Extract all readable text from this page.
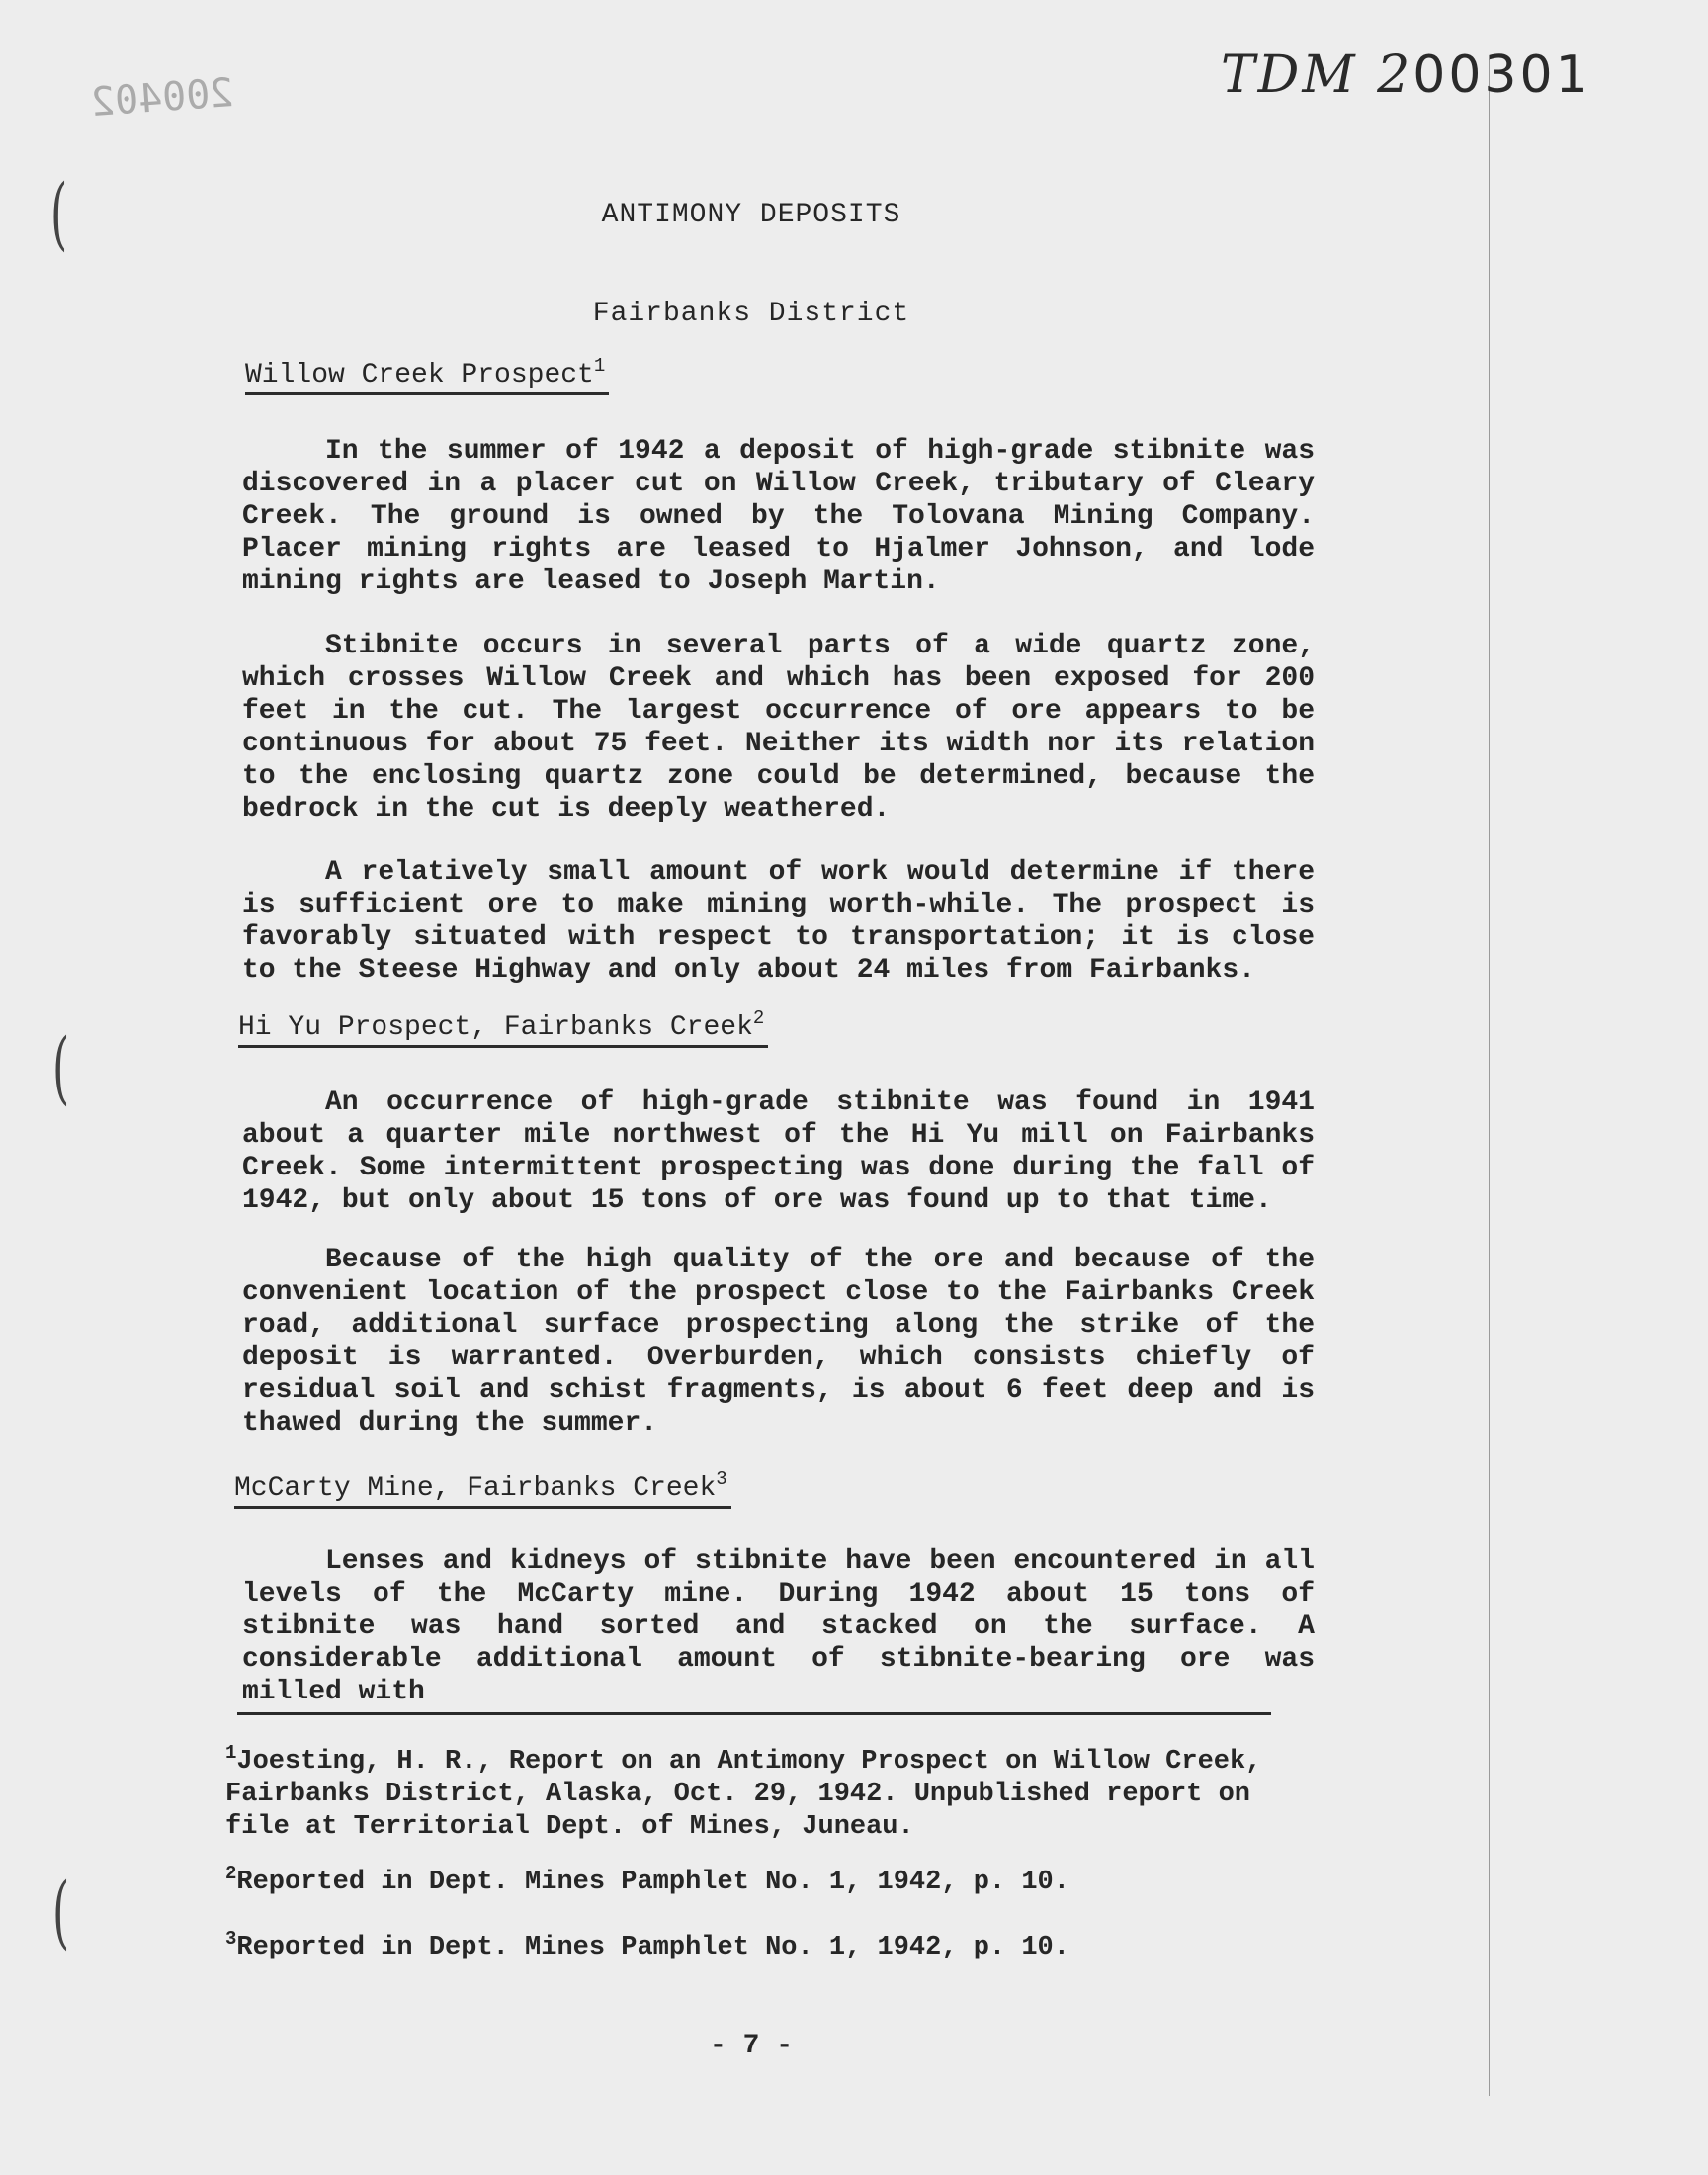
TDM 200301
200402
(
(
(
ANTIMONY DEPOSITS
Fairbanks District
Willow Creek Prospect$^1$

In the summer of 1942 a deposit of high-grade stibnite was discovered in a placer cut on Willow Creek, tributary of Cleary Creek. The ground is owned by the Tolovana Mining Company. Placer mining rights are leased to Hjalmer Johnson, and lode mining rights are leased to Joseph Martin.

Stibnite occurs in several parts of a wide quartz zone, which crosses Willow Creek and which has been exposed for 200 feet in the cut. The largest occurrence of ore appears to be continuous for about 75 feet. Neither its width nor its relation to the enclosing quartz zone could be determined, because the bedrock in the cut is deeply weathered.

A relatively small amount of work would determine if there is sufficient ore to make mining worth-while. The prospect is favorably situated with respect to transportation; it is close to the Steese Highway and only about 24 miles from Fairbanks.

Hi Yu Prospect, Fairbanks Creek$^2$

An occurrence of high-grade stibnite was found in 1941 about a quarter mile northwest of the Hi Yu mill on Fairbanks Creek. Some intermittent prospecting was done during the fall of 1942, but only about 15 tons of ore was found up to that time.

Because of the high quality of the ore and because of the convenient location of the prospect close to the Fairbanks Creek road, additional surface prospecting along the strike of the deposit is warranted. Overburden, which consists chiefly of residual soil and schist fragments, is about 6 feet deep and is thawed during the summer.

McCarty Mine, Fairbanks Creek$^3$

Lenses and kidneys of stibnite have been encountered in all levels of the McCarty mine. During 1942 about 15 tons of stibnite was hand sorted and stacked on the surface. A considerable additional amount of stibnite-bearing ore was milled with

$^1$Joesting, H. R., Report on an Antimony Prospect on Willow Creek, Fairbanks District, Alaska, Oct. 29, 1942. Unpublished report on file at Territorial Dept. of Mines, Juneau.

$^2$Reported in Dept. Mines Pamphlet No. 1, 1942, p. 10.

$^3$Reported in Dept. Mines Pamphlet No. 1, 1942, p. 10.

- 7 -
